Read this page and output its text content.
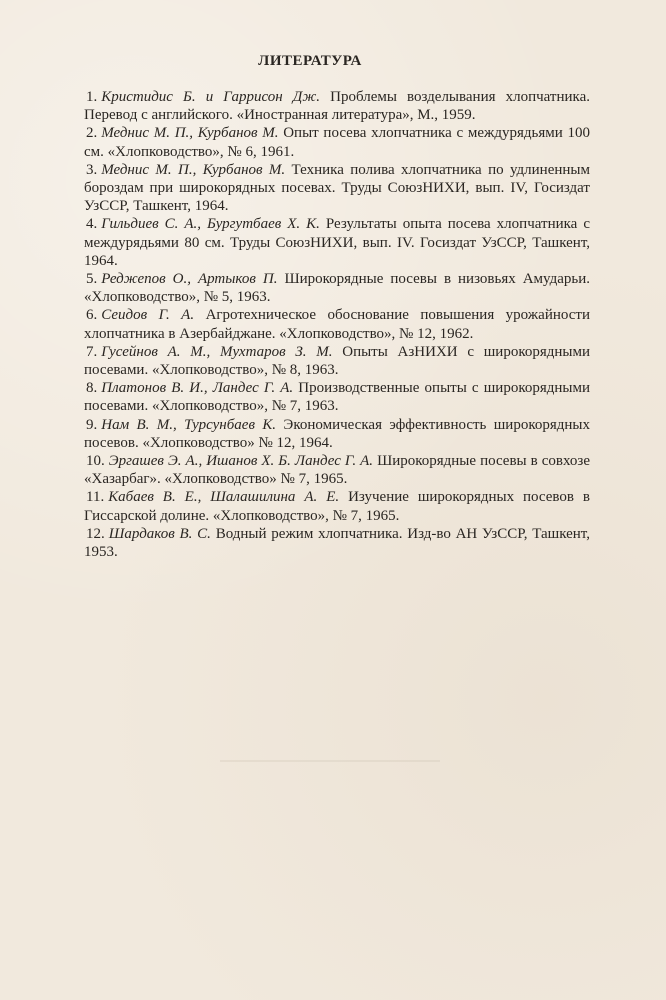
ЛИТЕРАТУРА

1. Кристидис Б. и Гаррисон Дж. Проблемы возделывания хлопчатника. Перевод с английского. «Иностранная литература», М., 1959.

2. Меднис М. П., Курбанов М. Опыт посева хлопчатника с междурядьями 100 см. «Хлопководство», № 6, 1961.

3. Меднис М. П., Курбанов М. Техника полива хлопчатника по удлиненным бороздам при широкорядных посевах. Труды СоюзНИХИ, вып. IV, Госиздат УзССР, Ташкент, 1964.

4. Гильдиев С. А., Бургутбаев Х. К. Результаты опыта посева хлопчатника с междурядьями 80 см. Труды СоюзНИХИ, вып. IV. Госиздат УзССР, Ташкент, 1964.

5. Реджепов О., Артыков П. Широкорядные посевы в низовьях Амударьи. «Хлопководство», № 5, 1963.

6. Сеидов Г. А. Агротехническое обоснование повышения урожайности хлопчатника в Азербайджане. «Хлопководство», № 12, 1962.

7. Гусейнов А. М., Мухтаров З. М. Опыты АзНИХИ с широкорядными посевами. «Хлопководство», № 8, 1963.

8. Платонов В. И., Ландес Г. А. Производственные опыты с широкорядными посевами. «Хлопководство», № 7, 1963.

9. Нам В. М., Турсунбаев К. Экономическая эффективность широкорядных посевов. «Хлопководство» № 12, 1964.

10. Эргашев Э. А., Ишанов Х. Б. Ландес Г. А. Широкорядные посевы в совхозе «Хазарбаг». «Хлопководство» № 7, 1965.

11. Кабаев В. Е., Шалашилина А. Е. Изучение широкорядных посевов в Гиссарской долине. «Хлопководство», № 7, 1965.

12. Шардаков В. С. Водный режим хлопчатника. Изд-во АН УзССР, Ташкент, 1953.
